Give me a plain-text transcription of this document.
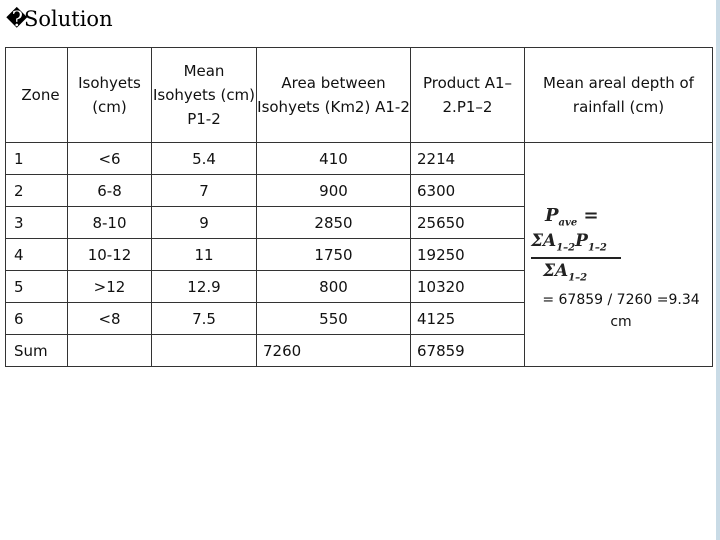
�Solution
Zone	Isohyets (cm)	Mean Isohyets (cm) P1-2	Area between Isohyets (Km2) A1-2	Product A1–2.P1–2	Mean areal depth of rainfall (cm)
1	<6	5.4	410	2214	$P_{ave}$ =
$\Sigma A_{1-2}P_{1-2}$
$\Sigma A_{1-2}$
= 67859 / 7260 =9.34 cm

2	6-8	7	900	6300	
3	8-10	9	2850	25650	
4	10-12	11	1750	19250	
5	>12	12.9	800	10320	
6	<8	7.5	550	4125	
Sum			7260	67859	
